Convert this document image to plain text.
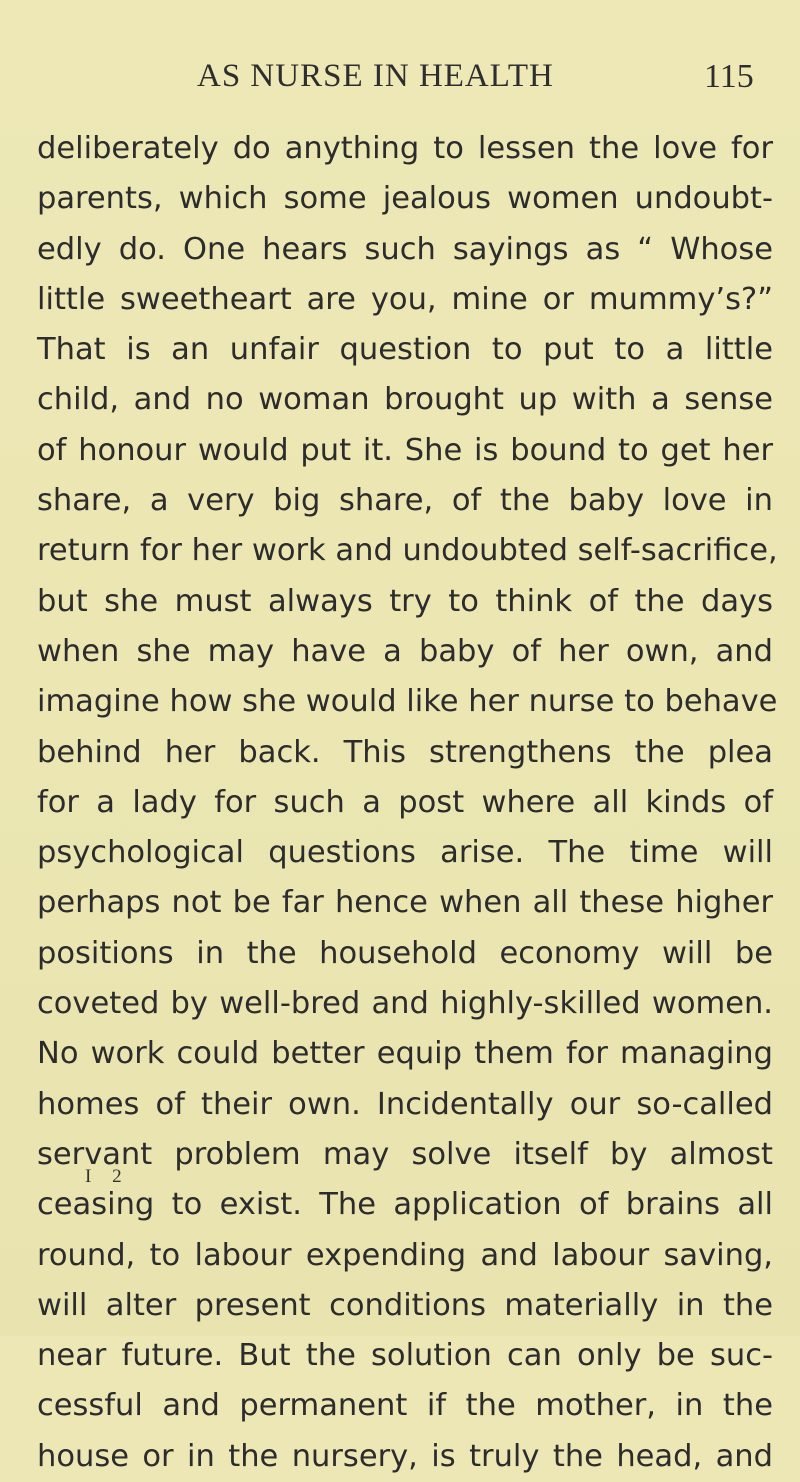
AS NURSE IN HEALTH	115
deliberately do anything to lessen the love for
parents, which some jealous women undoubt-
edly do. One hears such sayings as “ Whose
little sweetheart are you, mine or mummy’s?”
That is an unfair question to put to a little
child, and no woman brought up with a sense
of honour would put it. She is bound to get her
share, a very big share, of the baby love in
return for her work and undoubted self-sacrifice,
but she must always try to think of the days
when she may have a baby of her own, and
imagine how she would like her nurse to behave
behind her back. This strengthens the plea
for a lady for such a post where all kinds of
psychological questions arise. The time will
perhaps not be far hence when all these higher
positions in the household economy will be
coveted by well-bred and highly-skilled women.
No work could better equip them for managing
homes of their own. Incidentally our so-called
servant problem may solve itself by almost
ceasing to exist. The application of brains all
round, to labour expending and labour saving,
will alter present conditions materially in the
near future. But the solution can only be suc-
cessful and permanent if the mother, in the
house or in the nursery, is truly the head, and
I 2
